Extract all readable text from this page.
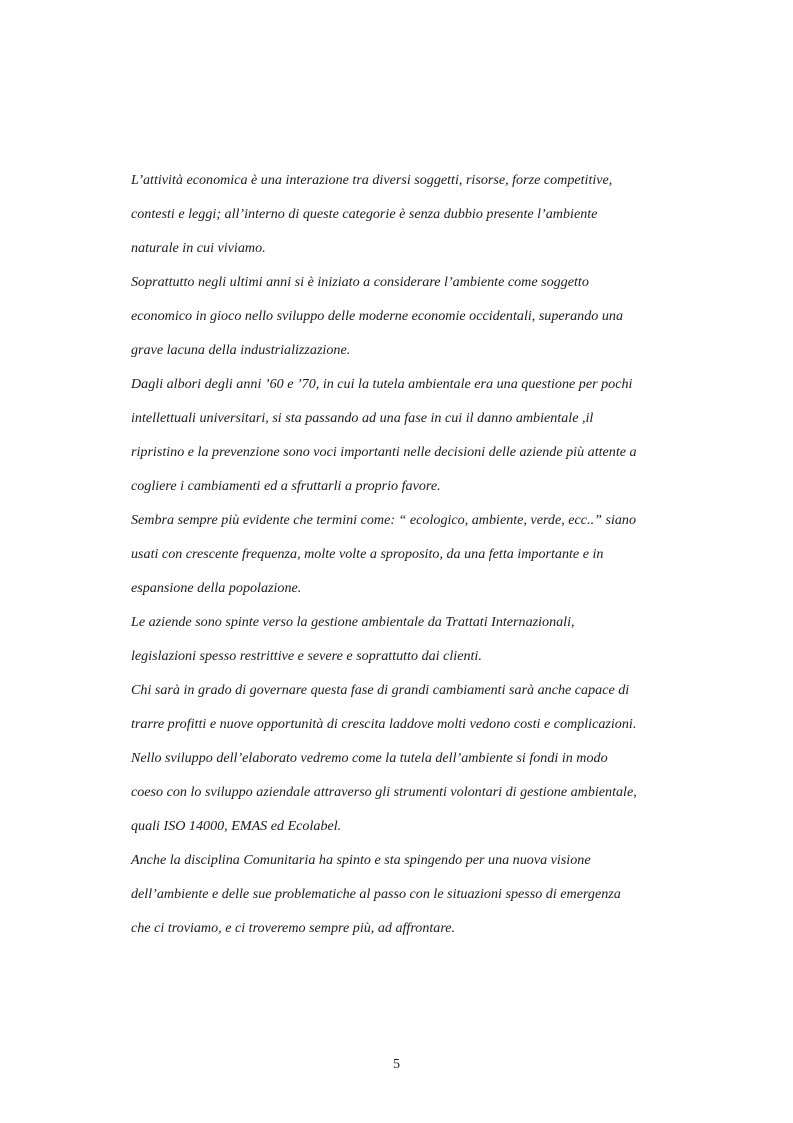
L’attività economica è una interazione tra diversi soggetti, risorse, forze competitive,
contesti e leggi; all’interno di queste categorie è senza dubbio presente l’ambiente
naturale in cui viviamo.
Soprattutto negli ultimi anni si è iniziato a considerare l’ambiente come soggetto
economico in gioco nello sviluppo delle moderne economie occidentali, superando una
grave lacuna della industrializzazione.
Dagli albori degli anni ’60 e ’70, in cui la tutela ambientale era una questione per pochi
intellettuali universitari, si sta passando ad una fase in cui il danno ambientale ,il
ripristino e la prevenzione sono voci importanti nelle decisioni delle aziende più attente a
cogliere i cambiamenti ed a sfruttarli a proprio favore.
Sembra sempre più evidente che termini come: “ ecologico, ambiente, verde, ecc..” siano
usati con crescente frequenza, molte volte a sproposito, da una fetta importante e in
espansione della popolazione.
Le aziende sono spinte verso la gestione ambientale da Trattati Internazionali,
legislazioni spesso restrittive e severe e soprattutto dai clienti.
Chi sarà in grado di governare questa fase di grandi cambiamenti sarà anche capace di
trarre profitti e nuove opportunità di crescita laddove molti vedono costi e complicazioni.
Nello sviluppo dell’elaborato vedremo come la tutela dell’ambiente si fondi in modo
coeso con lo sviluppo aziendale attraverso gli strumenti volontari di gestione ambientale,
quali ISO 14000, EMAS ed Ecolabel.
Anche la disciplina Comunitaria ha spinto e sta spingendo per una nuova visione
dell’ambiente e delle sue problematiche al passo con le situazioni spesso di emergenza
che ci troviamo, e ci troveremo sempre più, ad affrontare.
5
